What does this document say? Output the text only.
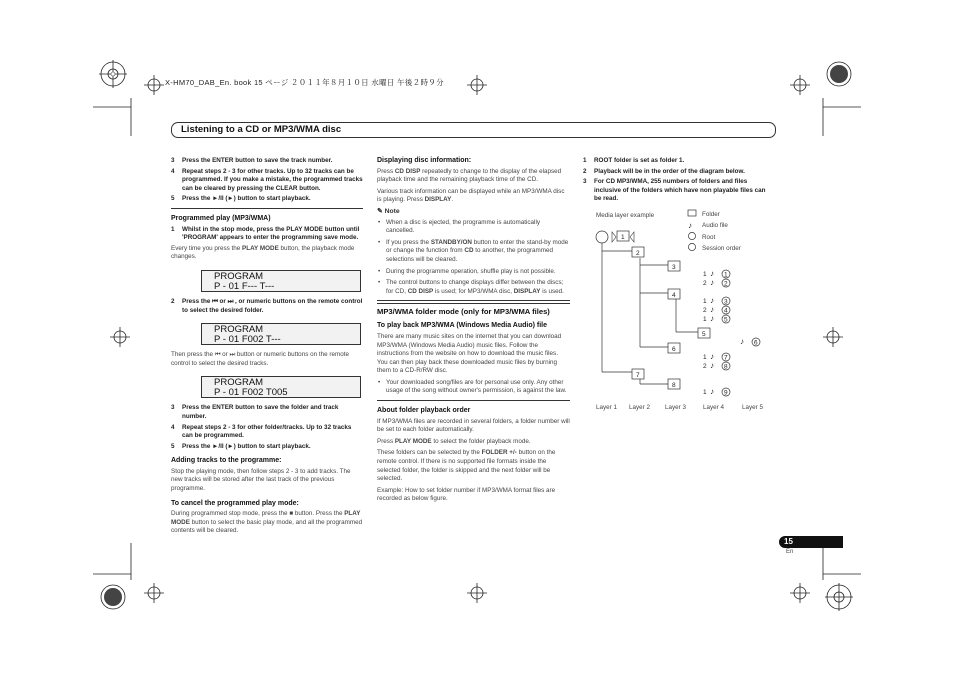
X-HM70_DAB_En. book 15 ページ ２０１１年８月１０日 水曜日 午後２時９分
Listening to a CD or MP3/WMA disc
3 Press the ENTER button to save the track number.
4 Repeat steps 2 - 3 for other tracks. Up to 32 tracks can be programmed. If you make a mistake, the programmed tracks can be cleared by pressing the CLEAR button.
5 Press the ►/II (►) button to start playback.
Programmed play (MP3/WMA)
1 Whilst in the stop mode, press the PLAY MODE button until 'PROGRAM' appears to enter the programming save mode.
Every time you press the PLAY MODE button, the playback mode changes.
PROGRAM
P - 01 F--- T---
2 Press the ⏮ or ⏭ , or numeric buttons on the remote control to select the desired folder.
PROGRAM
P - 01 F002 T---
Then press the ⏮ or ⏭ button or numeric buttons on the remote control to select the desired tracks.
PROGRAM
P - 01 F002 T005
3 Press the ENTER button to save the folder and track number.
4 Repeat steps 2 - 3 for other folder/tracks. Up to 32 tracks can be programmed.
5 Press the ►/II (►) button to start playback.
Adding tracks to the programme:
Stop the playing mode, then follow steps 2 - 3 to add tracks. The new tracks will be stored after the last track of the previous programme.
To cancel the programmed play mode:
During programmed stop mode, press the ■ button. Press the PLAY MODE button to select the basic play mode, and all the programmed contents will be cleared.
Displaying disc information:
Press CD DISP repeatedly to change to the display of the elapsed playback time and the remaining playback time of the CD.
Various track information can be displayed while an MP3/WMA disc is playing. Press DISPLAY.
✎ Note
• When a disc is ejected, the programme is automatically cancelled.
• If you press the STANDBY/ON button to enter the stand-by mode or change the function from CD to another, the programmed selections will be cleared.
• During the programme operation, shuffle play is not possible.
• The control buttons to change displays differ between the discs; for CD, CD DISP is used; for MP3/WMA disc, DISPLAY is used.
MP3/WMA folder mode (only for MP3/WMA files)
To play back MP3/WMA (Windows Media Audio) file
There are many music sites on the internet that you can download MP3/WMA (Windows Media Audio) music files. Follow the instructions from the website on how to download the music files. You can then play back these downloaded music files by burning them to a CD-R/RW disc.
• Your downloaded song/files are for personal use only. Any other usage of the song without owner's permission, is against the law.
About folder playback order
If MP3/WMA files are recorded in several folders, a folder number will be set to each folder automatically.
Press PLAY MODE to select the folder playback mode.
These folders can be selected by the FOLDER +/- button on the remote control. If there is no supported file formats inside the selected folder, the folder is skipped and the next folder will be selected.
Example: How to set folder number if MP3/WMA format files are recorded as below figure.
1 ROOT folder is set as folder 1.
2 Playback will be in the order of the diagram below.
3 For CD MP3/WMA, 255 numbers of folders and files inclusive of the folders which have non playable files can be read.
Media layer example	Folder
♪ Audio file
Root
Session order
1
2
3
4
5
6
7
8
1 ♪ 1
2 ♪ 2
1 ♪ 3
2 ♪ 4
1 ♪ 5
♪ 6
1 ♪ 7
2 ♪ 8
1 ♪ 9
Layer 1 Layer 2 Layer 3	Layer 4	Layer 5
15
En
